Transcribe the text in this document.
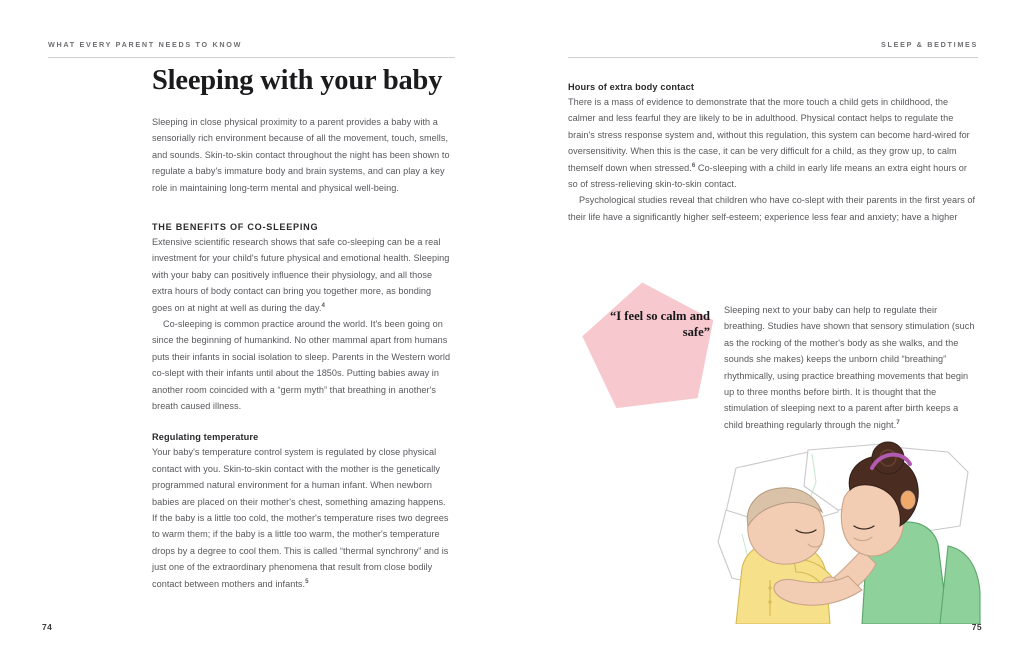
WHAT EVERY PARENT NEEDS TO KNOW
Sleeping with your baby

Sleeping in close physical proximity to a parent provides a baby with a sensorially rich environment because of all the movement, touch, smells, and sounds. Skin-to-skin contact throughout the night has been shown to regulate a baby's immature body and brain systems, and can play a key role in maintaining long-term mental and physical well-being.

THE BENEFITS OF CO-SLEEPING

Extensive scientific research shows that safe co-sleeping can be a real investment for your child's future physical and emotional health. Sleeping with your baby can positively influence their physiology, and all those extra hours of body contact can bring you together more, as bonding goes on at night at well as during the day.$^4$

Co-sleeping is common practice around the world. It's been going on since the beginning of humankind. No other mammal apart from humans puts their infants in social isolation to sleep. Parents in the Western world co-slept with their infants until about the 1850s. Putting babies away in another room coincided with a “germ myth” that breathing in another's breath caused illness.

Regulating temperature

Your baby's temperature control system is regulated by close physical contact with you. Skin-to-skin contact with the mother is the genetically programmed natural environment for a human infant. When newborn babies are placed on their mother's chest, something amazing happens. If the baby is a little too cold, the mother's temperature rises two degrees to warm them; if the baby is a little too warm, the mother's temperature drops by a degree to cool them. This is called “thermal synchrony” and is just one of the extraordinary phenomena that result from close bodily contact between mothers and infants.$^5$

74
SLEEP & BEDTIMES
Hours of extra body contact

There is a mass of evidence to demonstrate that the more touch a child gets in childhood, the calmer and less fearful they are likely to be in adulthood. Physical contact helps to regulate the brain's stress response system and, without this regulation, this system can become hard-wired for oversensitivity. When this is the case, it can be very difficult for a child, as they grow up, to calm themself down when stressed.$^6$ Co-sleeping with a child in early life means an extra eight hours or so of stress-relieving skin-to-skin contact.

Psychological studies reveal that children who have co-slept with their parents in the first years of their life have a significantly higher self-esteem; experience less fear and anxiety; have a higher

“I feel so calm and safe”

Sleeping next to your baby can help to regulate their breathing. Studies have shown that sensory stimulation (such as the rocking of the mother's body as she walks, and the sounds she makes) keeps the unborn child “breathing” rhythmically, using practice breathing movements that begin up to three months before birth. It is thought that the stimulation of sleeping next to a parent after birth keeps a child breathing regularly through the night.$^7$

75
